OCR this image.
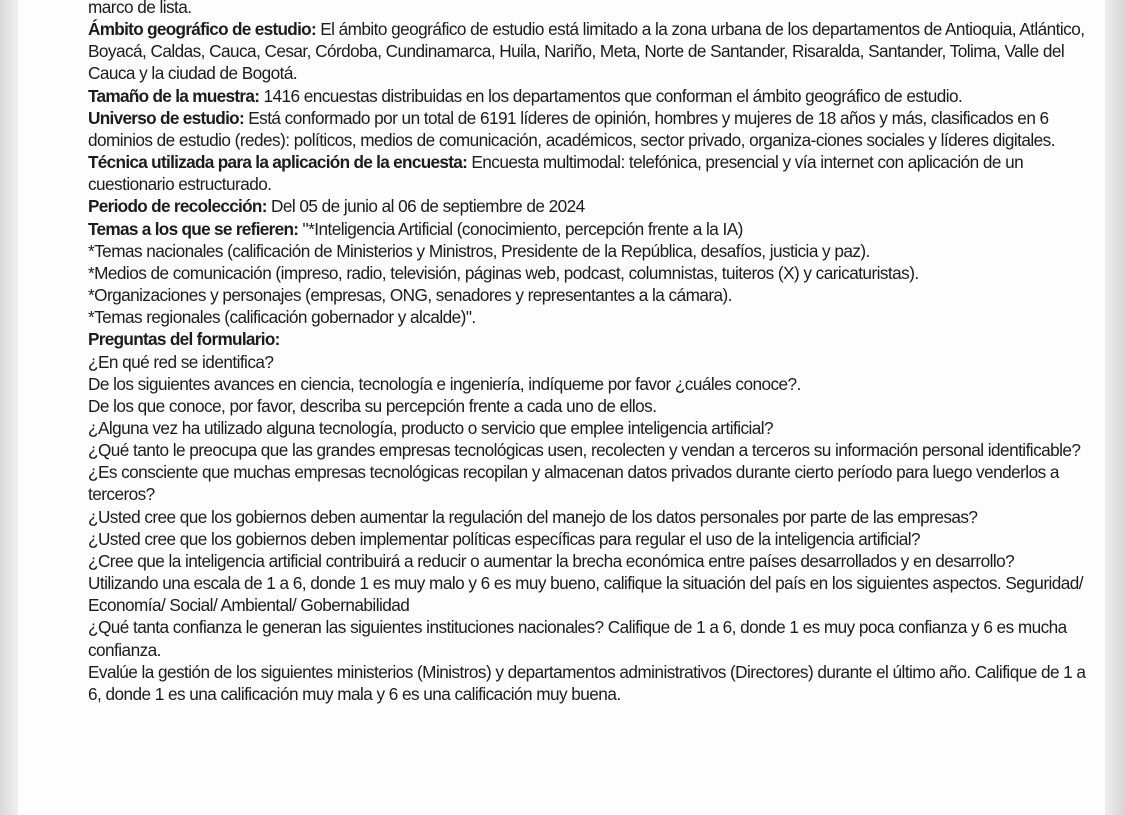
marco de lista.

Ámbito geográfico de estudio: El ámbito geográfico de estudio está limitado a la zona urbana de los departamentos de Antioquia, Atlántico, Boyacá, Caldas, Cauca, Cesar, Córdoba, Cundinamarca, Huila, Nariño, Meta, Norte de Santander, Risaralda, Santander, Tolima, Valle del Cauca y la ciudad de Bogotá.

Tamaño de la muestra: 1416 encuestas distribuidas en los departamentos que conforman el ámbito geográfico de estudio.

Universo de estudio: Está conformado por un total de 6191 líderes de opinión, hombres y mujeres de 18 años y más, clasificados en 6 dominios de estudio (redes): políticos, medios de comunicación, académicos, sector privado, organiza-ciones sociales y líderes digitales.

Técnica utilizada para la aplicación de la encuesta: Encuesta multimodal: telefónica, presencial y vía internet con aplicación de un cuestionario estructurado.

Periodo de recolección: Del 05 de junio al 06 de septiembre de 2024

Temas a los que se refieren: "*Inteligencia Artificial (conocimiento, percepción frente a la IA)

*Temas nacionales (calificación de Ministerios y Ministros, Presidente de la República, desafíos, justicia y paz).

*Medios de comunicación (impreso, radio, televisión, páginas web, podcast, columnistas, tuiteros (X) y caricaturistas).

*Organizaciones y personajes (empresas, ONG, senadores y representantes a la cámara).

*Temas regionales (calificación gobernador y alcalde)".

Preguntas del formulario:

¿En qué red se identifica?

De los siguientes avances en ciencia, tecnología e ingeniería, indíqueme por favor ¿cuáles conoce?.

De los que conoce, por favor, describa su percepción frente a cada uno de ellos.

¿Alguna vez ha utilizado alguna tecnología, producto o servicio que emplee inteligencia artificial?

¿Qué tanto le preocupa que las grandes empresas tecnológicas usen, recolecten y vendan a terceros su información personal identificable?

¿Es consciente que muchas empresas tecnológicas recopilan y almacenan datos privados durante cierto período para luego venderlos a terceros?

¿Usted cree que los gobiernos deben aumentar la regulación del manejo de los datos personales por parte de las empresas?

¿Usted cree que los gobiernos deben implementar políticas específicas para regular el uso de la inteligencia artificial?

¿Cree que la inteligencia artificial contribuirá a reducir o aumentar la brecha económica entre países desarrollados y en desarrollo?

Utilizando una escala de 1 a 6, donde 1 es muy malo y 6 es muy bueno, califique la situación del país en los siguientes aspectos. Seguridad/ Economía/ Social/ Ambiental/ Gobernabilidad

¿Qué tanta confianza le generan las siguientes instituciones nacionales? Califique de 1 a 6, donde 1 es muy poca confianza y 6 es mucha confianza.

Evalúe la gestión de los siguientes ministerios (Ministros) y departamentos administrativos (Directores) durante el último año. Califique de 1 a 6, donde 1 es una calificación muy mala y 6 es una calificación muy buena.
